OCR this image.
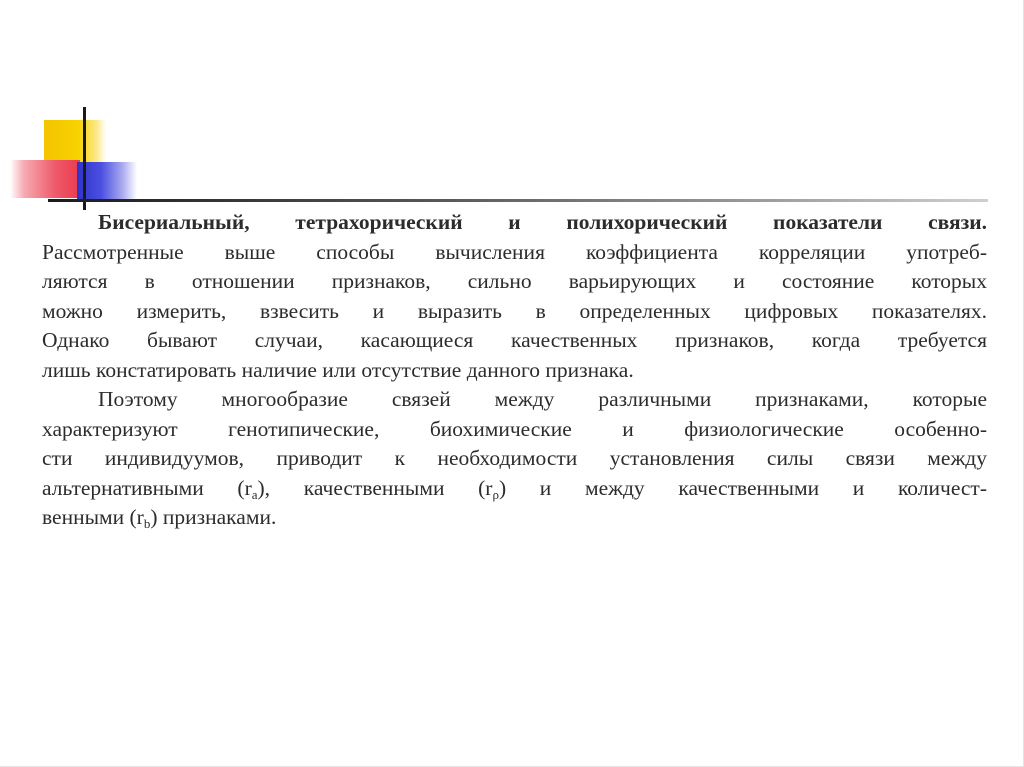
Бисериальный, тетрахорический и полихорический показатели связи.
Рассмотренные выше способы вычисления коэффициента корреляции употреб-
ляются в отношении признаков, сильно варьирующих и состояние которых
можно измерить, взвесить и выразить в определенных цифровых показателях.
Однако бывают случаи, касающиеся качественных признаков, когда требуется
лишь констатировать наличие или отсутствие данного признака.
Поэтому многообразие связей между различными признаками, которые
характеризуют генотипические, биохимические и физиологические особенно-
сти индивидуумов, приводит к необходимости установления силы связи между
альтернативными $(r_a)$, качественными $(r_\rho)$ и между качественными и количест-
венными $(r_b)$ признаками.
